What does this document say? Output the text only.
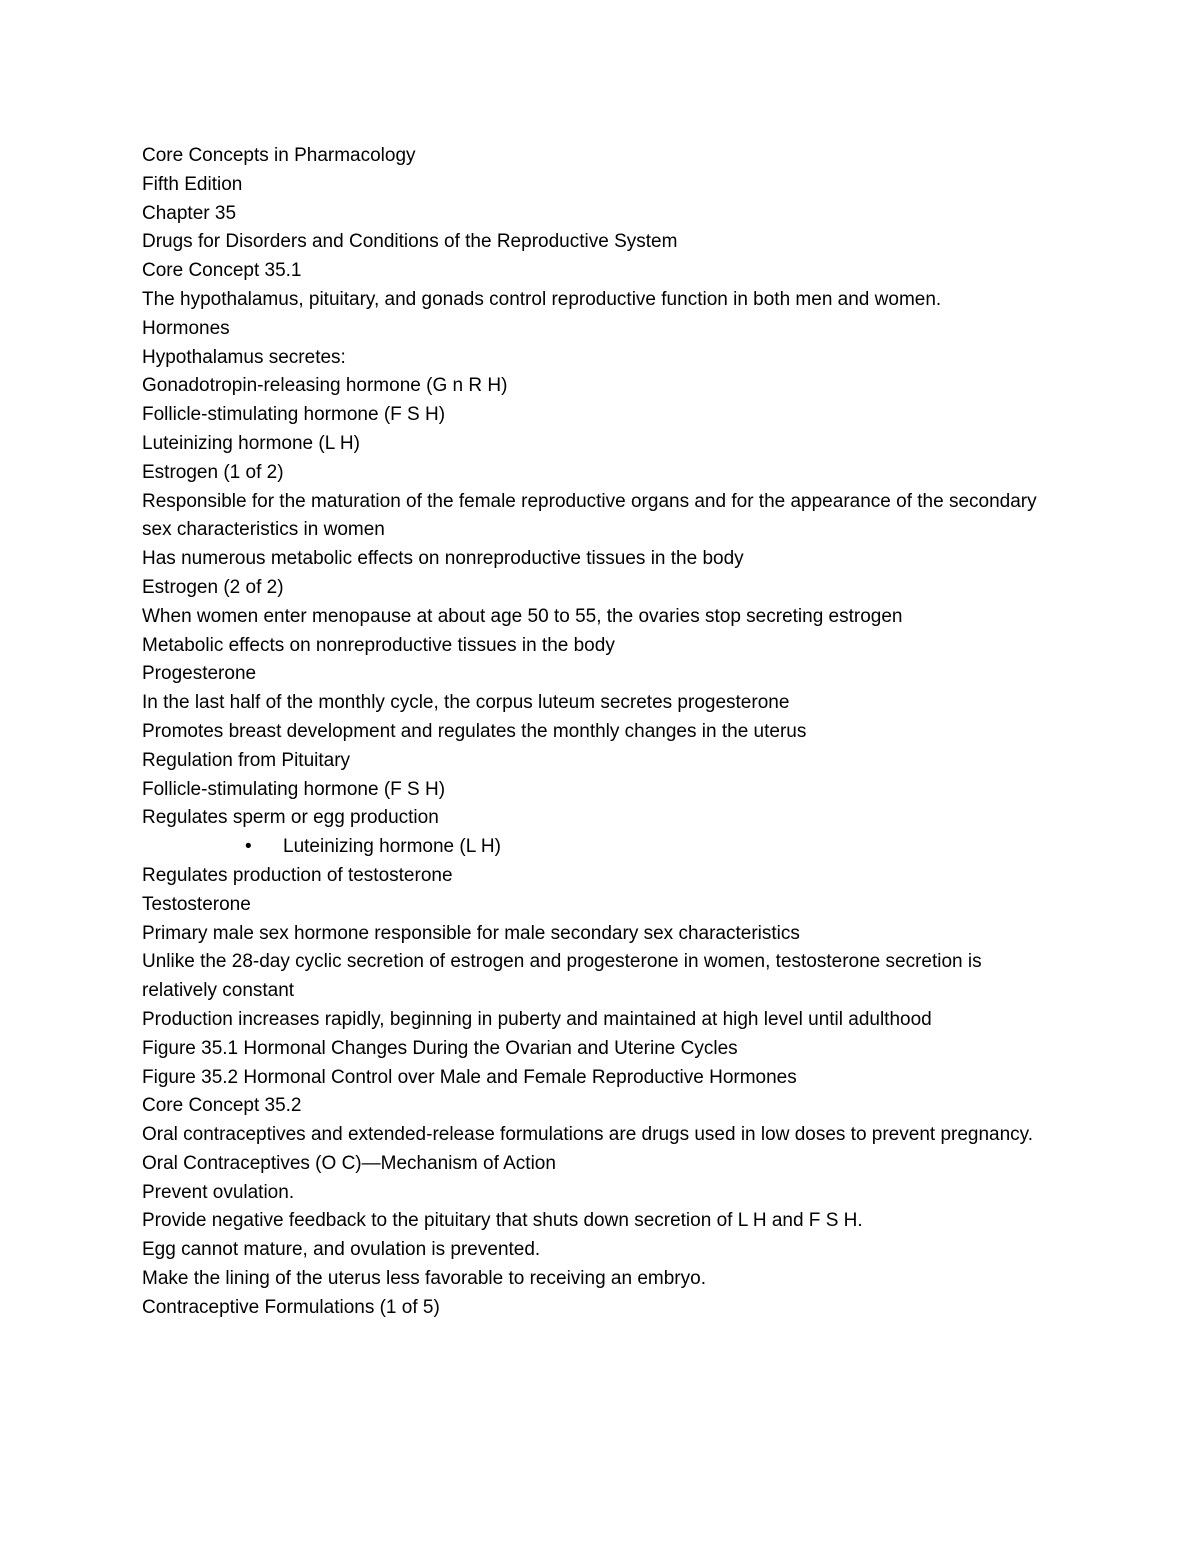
Core Concepts in Pharmacology

Fifth Edition

Chapter 35

Drugs for Disorders and Conditions of the Reproductive System

Core Concept 35.1

The hypothalamus, pituitary, and gonads control reproductive function in both men and women.

Hormones

Hypothalamus secretes:

Gonadotropin-releasing hormone (G n R H)

Follicle-stimulating hormone (F S H)

Luteinizing hormone (L H)

Estrogen (1 of 2)

Responsible for the maturation of the female reproductive organs and for the appearance of the secondary sex characteristics in women

Has numerous metabolic effects on nonreproductive tissues in the body

Estrogen (2 of 2)

When women enter menopause at about age 50 to 55, the ovaries stop secreting estrogen

Metabolic effects on nonreproductive tissues in the body

Progesterone

In the last half of the monthly cycle, the corpus luteum secretes progesterone

Promotes breast development and regulates the monthly changes in the uterus

Regulation from Pituitary

Follicle-stimulating hormone (F S H)

Regulates sperm or egg production

• Luteinizing hormone (L H)

Regulates production of testosterone

Testosterone

Primary male sex hormone responsible for male secondary sex characteristics

Unlike the 28-day cyclic secretion of estrogen and progesterone in women, testosterone secretion is relatively constant

Production increases rapidly, beginning in puberty and maintained at high level until adulthood

Figure 35.1 Hormonal Changes During the Ovarian and Uterine Cycles

Figure 35.2 Hormonal Control over Male and Female Reproductive Hormones

Core Concept 35.2

Oral contraceptives and extended-release formulations are drugs used in low doses to prevent pregnancy.

Oral Contraceptives (O C)—Mechanism of Action

Prevent ovulation.

Provide negative feedback to the pituitary that shuts down secretion of L H and F S H.

Egg cannot mature, and ovulation is prevented.

Make the lining of the uterus less favorable to receiving an embryo.

Contraceptive Formulations (1 of 5)
